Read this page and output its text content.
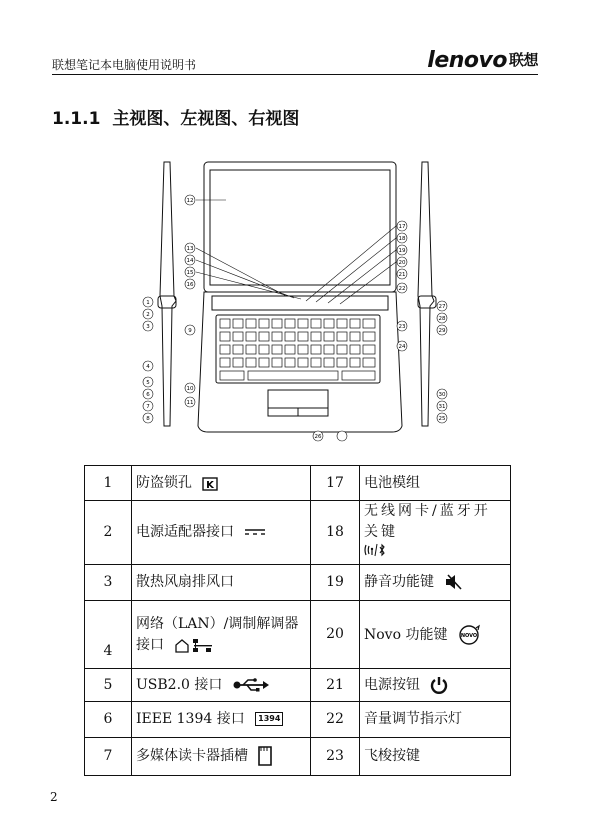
联想笔记本电脑使用说明书	lenovo 联想
1.1.1 主视图、左视图、右视图
1
2
3
4
5
6
7
8
12
13
14
15
16
9
10
11
17
18
19
20
21
22
23
24
27
28
29
30
31
25
26
1	防盗锁孔 K	17	电池模组
2	电源适配器接口	18	无线网卡/蓝牙开关键

3	散热风扇排风口	19	静音功能键
4	网络（LAN）/调制解调器接口	20	Novo 功能键 NOVO

5	USB2.0 接口	21	电源按钮
6	IEEE 1394 接口 1394	22	音量调节指示灯
7	多媒体读卡器插槽	23	飞梭按键
2
